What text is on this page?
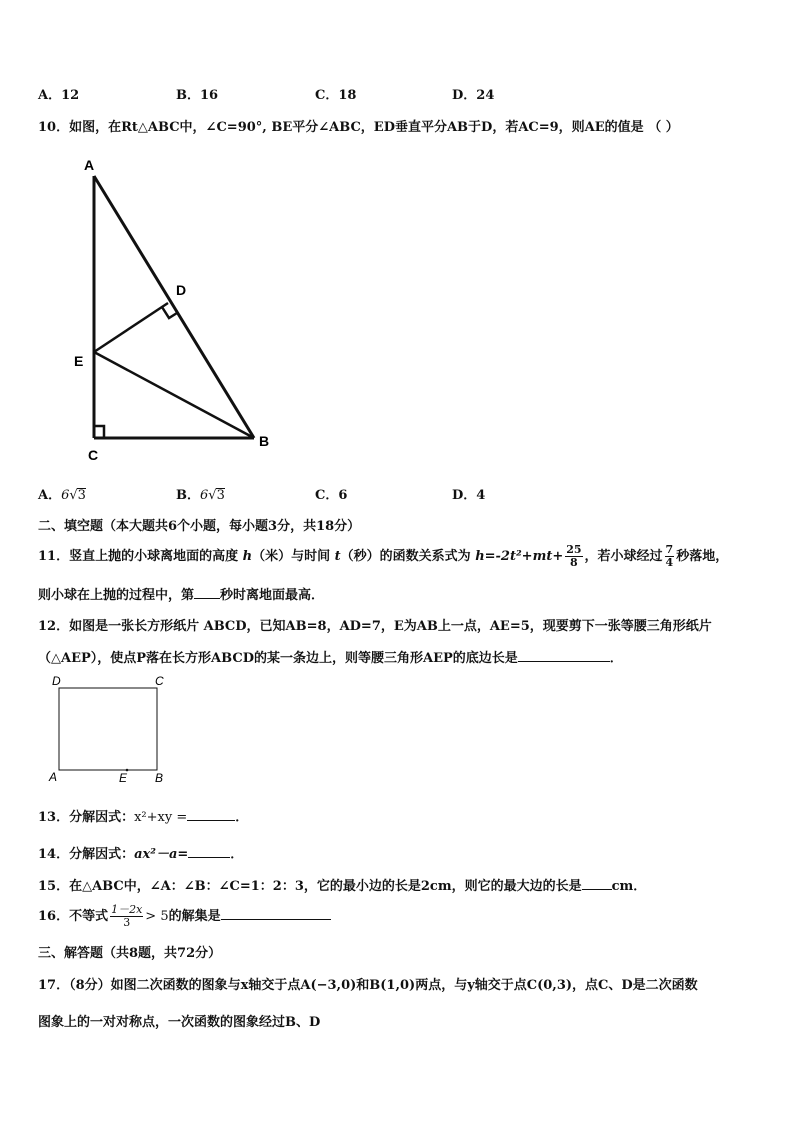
A．12	B．16	C．18	D．24
10．如图，在Rt△ABC中，∠C=90°, BE平分∠ABC，ED垂直平分AB于D，若AC=9，则AE的值是 （ ）
A
D
E
C
B
A．6√3	B．6√3	C．6	D．4
二、填空题（本大题共6个小题，每小题3分，共18分）
11．竖直上抛的小球离地面的高度 h（米）与时间 t（秒）的函数关系式为 $h=-2t^2+mt+ \frac{25}{8}$ ，若小球经过 $\frac{7}{4}$ 秒落地，
则小球在上抛的过程中，第 秒时离地面最高．
12．如图是一张长方形纸片 ABCD，已知AB=8，AD=7，E为AB上一点，AE=5，现要剪下一张等腰三角形纸片
（△AEP），使点P落在长方形ABCD的某一条边上，则等腰三角形AEP的底边长是	．
D	C
A	E B
13．分解因式：x²+xy =	．
14．分解因式：ax²－a=	．
15．在△ABC中，∠A：∠B：∠C=1：2：3，它的最小边的长是2cm，则它的最大边的长是 cm．
16．不等式 $\frac{1-2x}{3} > 5$的解集是
三、解答题（共8题，共72分）
17．（8分）如图二次函数的图象与x轴交于点A(−3,0)和B(1,0)两点，与y轴交于点C(0,3)，点C、D是二次函数
图象上的一对对称点，一次函数的图象经过B、D
